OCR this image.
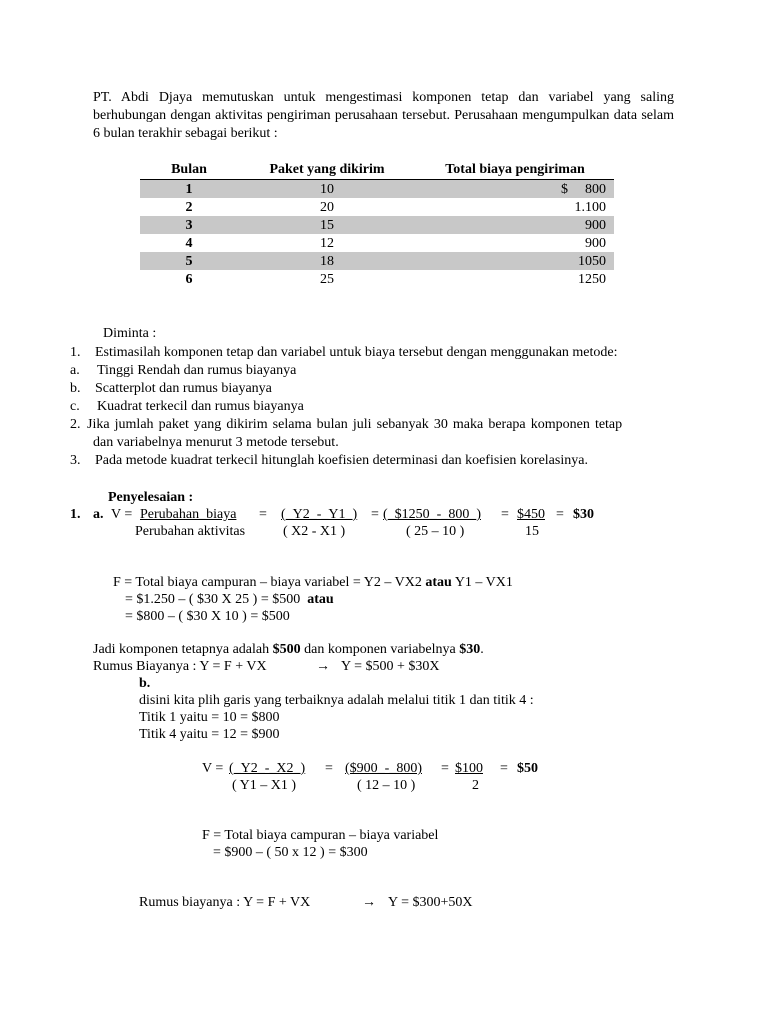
PT. Abdi Djaya memutuskan untuk mengestimasi komponen tetap dan variabel yang saling berhubungan dengan aktivitas pengiriman perusahaan tersebut. Perusahaan mengumpulkan data selam 6 bulan terakhir sebagai berikut :
Bulan	Paket yang dikirim	Total biaya pengiriman
1	10	$ 800
2	20	1.100
3	15	900
4	12	900
5	18	1050
6	25	1250
Diminta :
1. Estimasilah komponen tetap dan variabel untuk biaya tersebut dengan menggunakan metode:
a. Tinggi Rendah dan rumus biayanya
b. Scatterplot dan rumus biayanya
c. Kuadrat terkecil dan rumus biayanya
2. Jika jumlah paket yang dikirim selama bulan juli sebanyak 30 maka berapa komponen tetap
dan variabelnya menurut 3 metode tersebut.
3. Pada metode kuadrat terkecil hitunglah koefisien determinasi dan koefisien korelasinya.
Penyelesaian :
1. a. V = Perubahan_biaya
Perubahan aktivitas
= (_Y2_-_Y1_)
( X2 - X1 )
= (_$1250_-_800_)
( 25 – 10 )
= $450
15
= $30
F = Total biaya campuran – biaya variabel = Y2 – VX2 atau Y1 – VX1
= $1.250 – ( $30 X 25 ) = $500 atau
= $800 – ( $30 X 10 ) = $500
Jadi komponen tetapnya adalah $500 dan komponen variabelnya $30.
Rumus Biayanya : Y = F + VX	→ Y = $500 + $30X
b.
disini kita plih garis yang terbaiknya adalah melalui titik 1 dan titik 4 :
Titik 1 yaitu = 10 = $800
Titik 4 yaitu = 12 = $900
V = (_Y2_-_X2_)
( Y1 – X1 )
= ($900_-_800)
( 12 – 10 )
= $100
2
= $50
F = Total biaya campuran – biaya variabel
= $900 – ( 50 x 12 ) = $300
Rumus biayanya : Y = F + VX	→ Y = $300+50X
